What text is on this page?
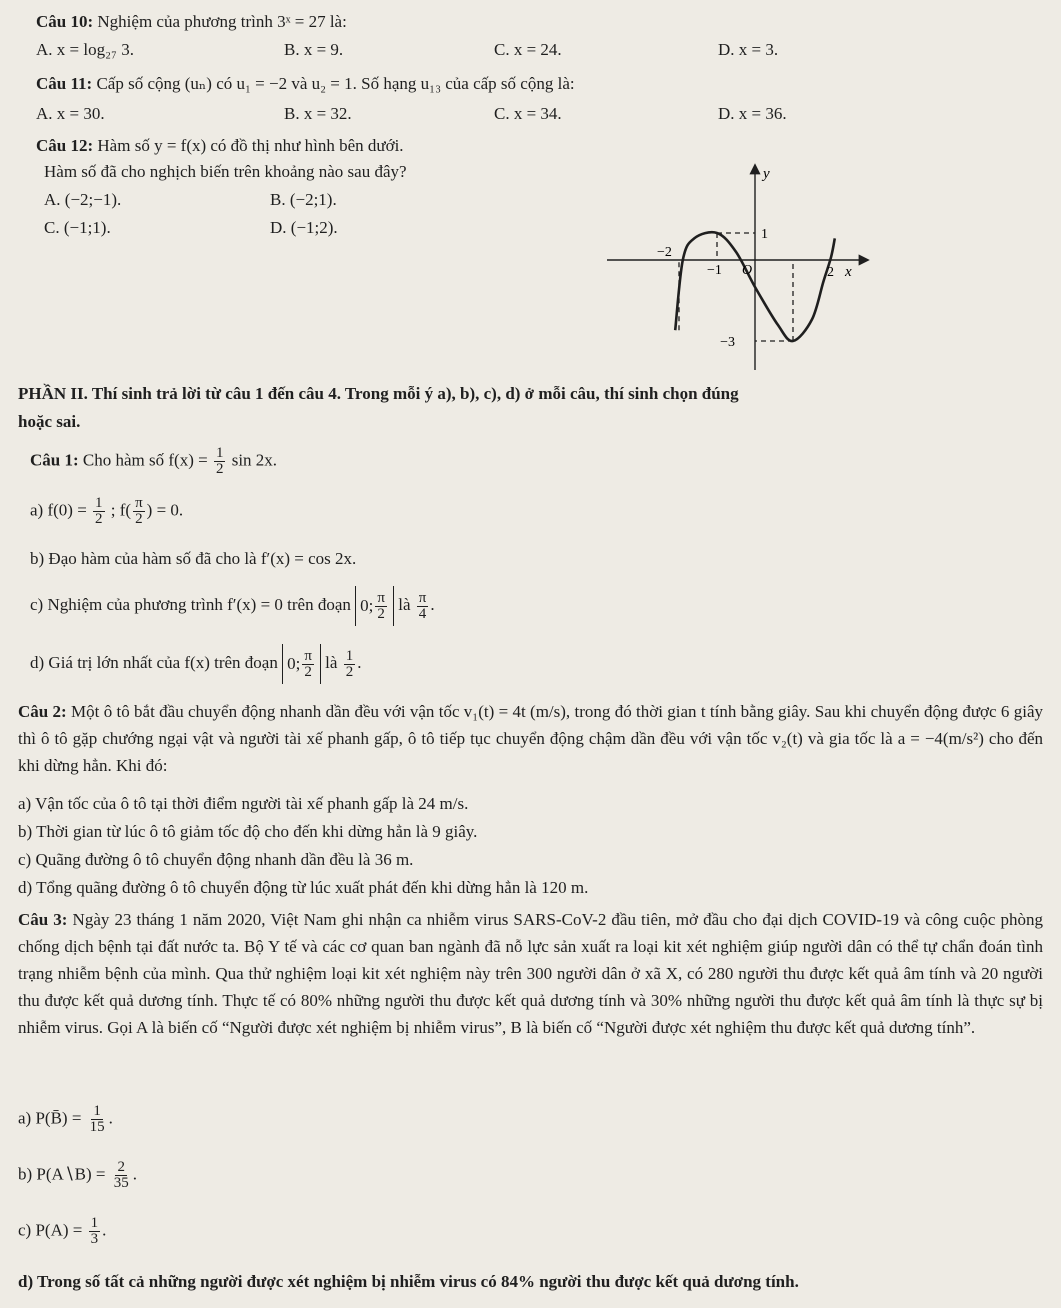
Câu 10: Nghiệm của phương trình 3ˣ = 27 là:
A. x = log₂₇ 3.	B. x = 9.	C. x = 24.	D. x = 3.
Câu 11: Cấp số cộng (uₙ) có u₁ = −2 và u₂ = 1. Số hạng u₁₃ của cấp số cộng là:
A. x = 30.	B. x = 32.	C. x = 34.	D. x = 36.
Câu 12: Hàm số y = f(x) có đồ thị như hình bên dưới.
Hàm số đã cho nghịch biến trên khoảng nào sau đây?
A. (−2;−1).	B. (−2;1).
C. (−1;1).	D. (−1;2).
y
x
O
−2
−1	2
1
−3
PHẦN II. Thí sinh trả lời từ câu 1 đến câu 4. Trong mỗi ý a), b), c), d) ở mỗi câu, thí sinh chọn đúng
hoặc sai.
Câu 1: Cho hàm số $f(x) = \frac{1}{2}$ sin 2x.
a) $f(0) = \frac{1}{2}$ ; $f( \frac{\pi}{2}$ ) = 0.
b) Đạo hàm của hàm số đã cho là f′(x) = cos 2x.
c) Nghiệm của phương trình f′(x) = 0 trên đoạn 0; $\frac{\pi}{2}$ là $\frac{\pi}{4}$ .
d) Giá trị lớn nhất của f(x) trên đoạn 0; $\frac{\pi}{2}$ là $\frac{1}{2}$ .
Câu 2: Một ô tô bắt đầu chuyển động nhanh dần đều với vận tốc v₁(t) = 4t (m/s), trong đó thời gian t tính bằng giây. Sau khi chuyển động được 6 giây thì ô tô gặp chướng ngại vật và người tài xế phanh gấp, ô tô tiếp tục chuyển động chậm dần đều với vận tốc v₂(t) và gia tốc là a = −4(m/s²) cho đến khi dừng hẳn. Khi đó:
a) Vận tốc của ô tô tại thời điểm người tài xế phanh gấp là 24 m/s.
b) Thời gian từ lúc ô tô giảm tốc độ cho đến khi dừng hẳn là 9 giây.
c) Quãng đường ô tô chuyển động nhanh dần đều là 36 m.
d) Tổng quãng đường ô tô chuyển động từ lúc xuất phát đến khi dừng hẳn là 120 m.
Câu 3: Ngày 23 tháng 1 năm 2020, Việt Nam ghi nhận ca nhiễm virus SARS-CoV-2 đầu tiên, mở đầu cho đại dịch COVID-19 và công cuộc phòng chống dịch bệnh tại đất nước ta. Bộ Y tế và các cơ quan ban ngành đã nỗ lực sản xuất ra loại kit xét nghiệm giúp người dân có thể tự chẩn đoán tình trạng nhiễm bệnh của mình. Qua thử nghiệm loại kit xét nghiệm này trên 300 người dân ở xã X, có 280 người thu được kết quả âm tính và 20 người thu được kết quả dương tính. Thực tế có 80% những người thu được kết quả dương tính và 30% những người thu được kết quả âm tính là thực sự bị nhiễm virus. Gọi A là biến cố “Người được xét nghiệm bị nhiễm virus”, B là biến cố “Người được xét nghiệm thu được kết quả dương tính”.
a) P(B̄) = $\frac{1}{15}$ .
b) P(A∖B) = $\frac{2}{35}$ .
c) $P(A) = \frac{1}{3}$ .
d) Trong số tất cả những người được xét nghiệm bị nhiễm virus có 84% người thu được kết quả dương tính.
